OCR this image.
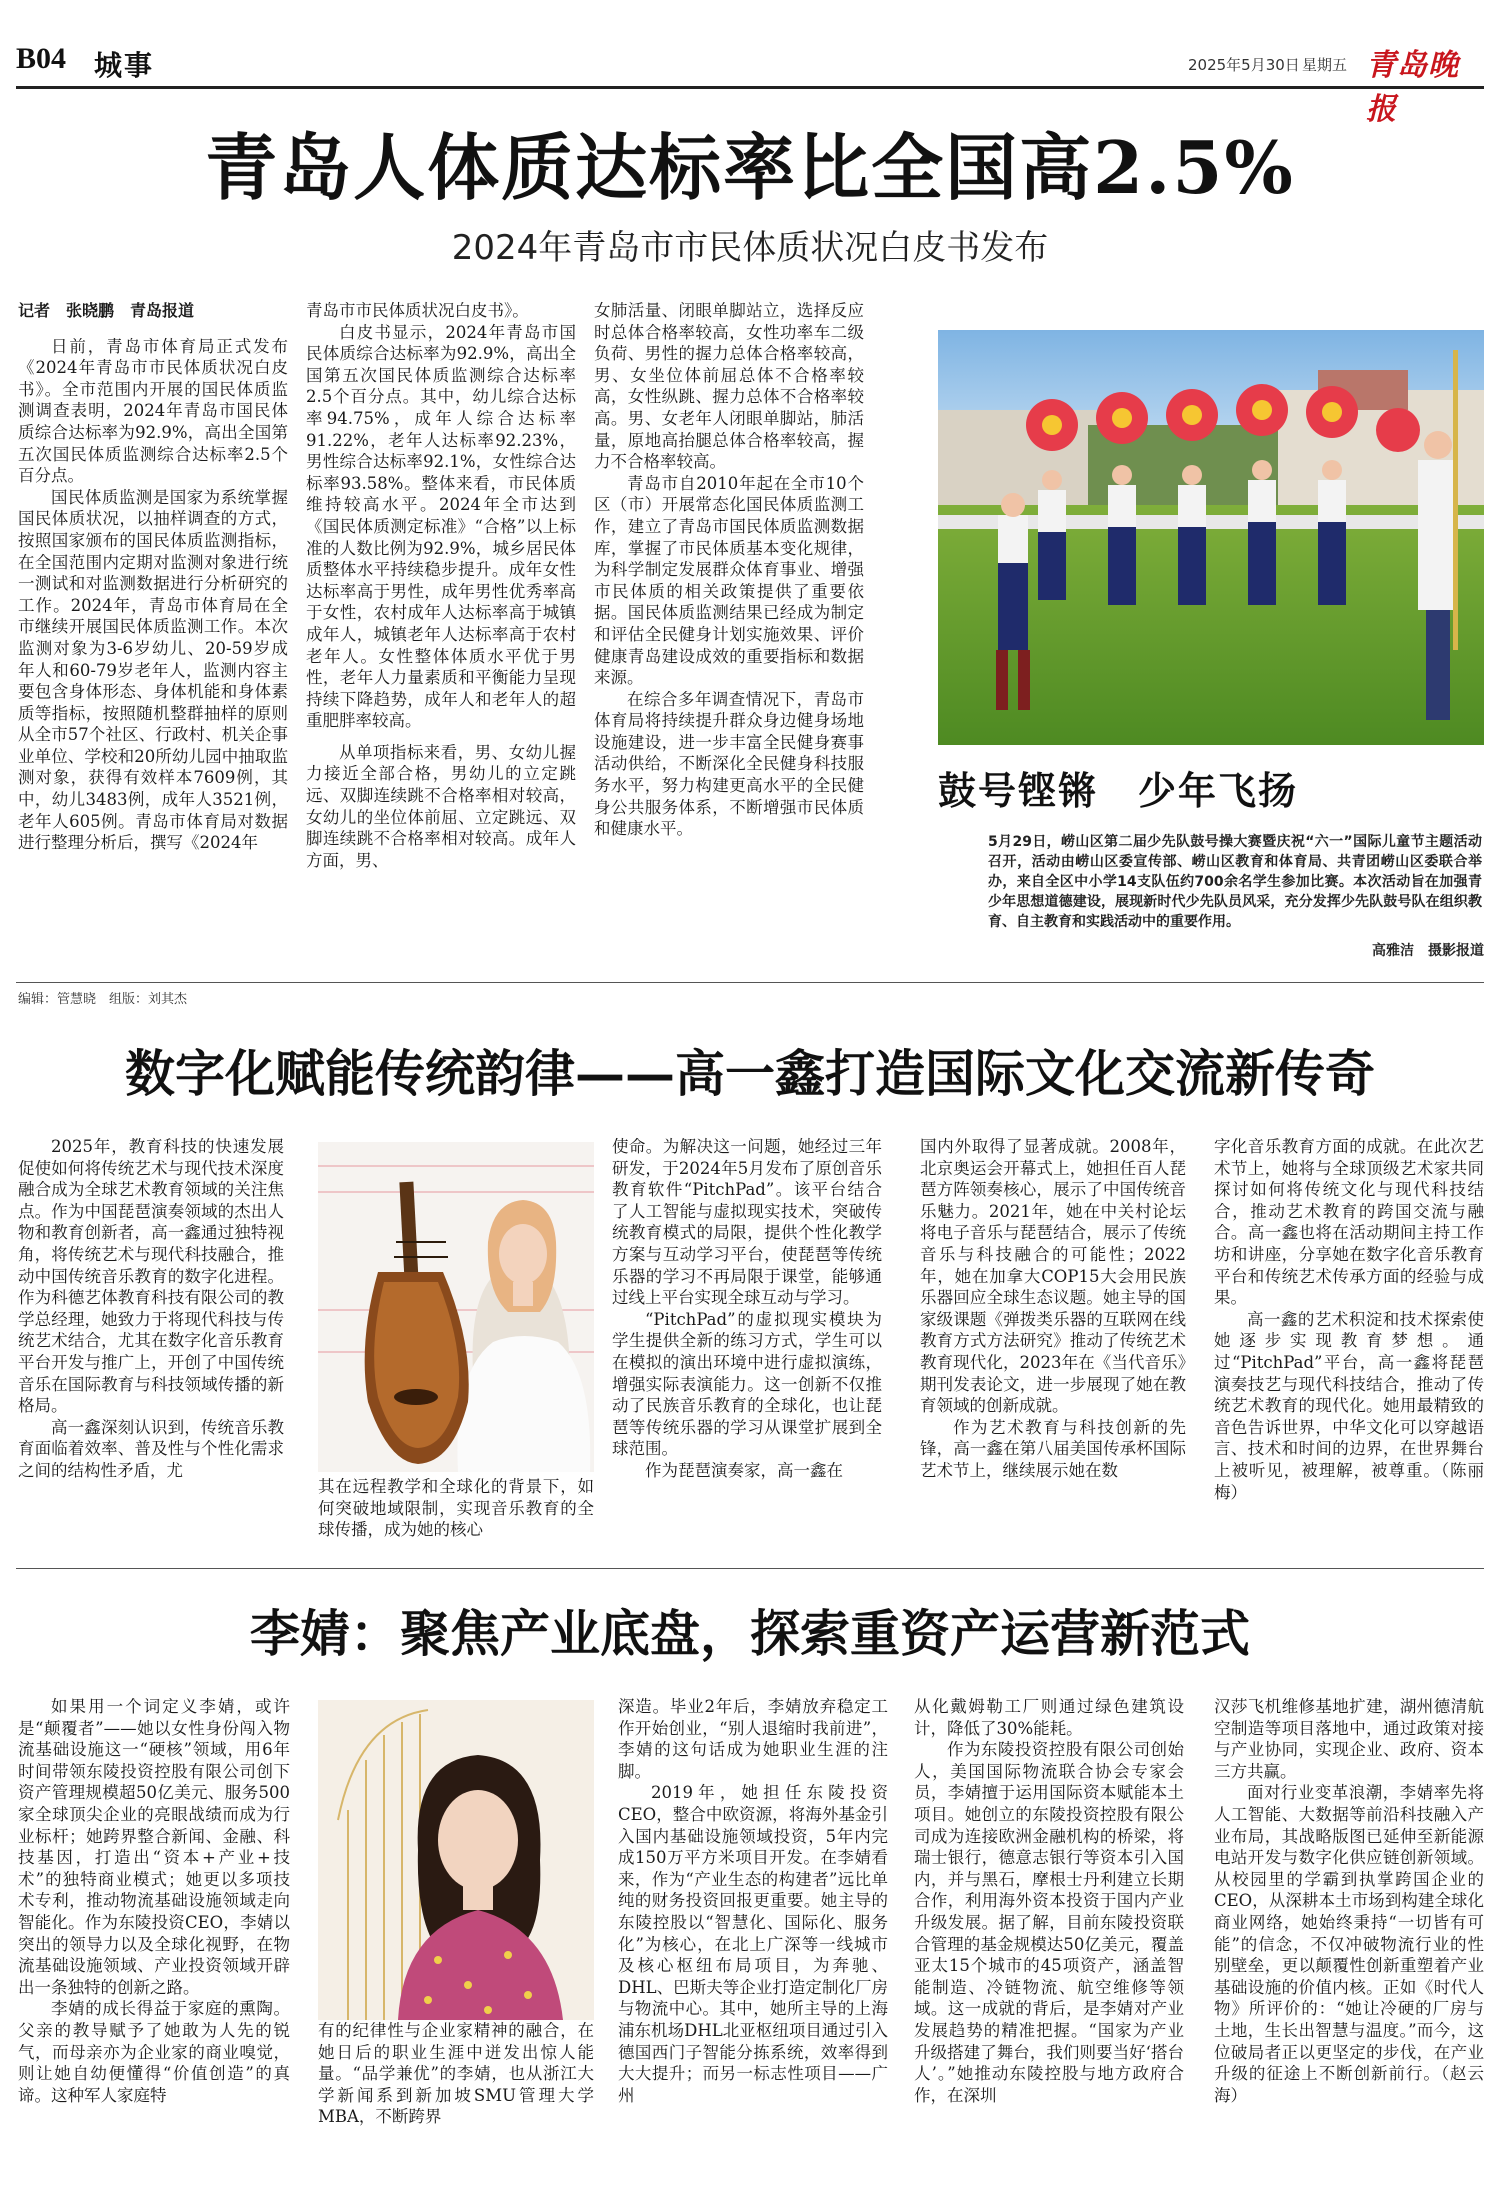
B04 城事	2025年5月30日 星期五 青岛晚报
青岛人体质达标率比全国高2.5%
2024年青岛市市民体质状况白皮书发布

记者　张晓鹏　青岛报道

日前，青岛市体育局正式发布《2024年青岛市市民体质状况白皮书》。全市范围内开展的国民体质监测调查表明，2024年青岛市国民体质综合达标率为92.9%，高出全国第五次国民体质监测综合达标率2.5个百分点。

国民体质监测是国家为系统掌握国民体质状况，以抽样调查的方式，按照国家颁布的国民体质监测指标，在全国范围内定期对监测对象进行统一测试和对监测数据进行分析研究的工作。2024年，青岛市体育局在全市继续开展国民体质监测工作。本次监测对象为3-6岁幼儿、20-59岁成年人和60-79岁老年人，监测内容主要包含身体形态、身体机能和身体素质等指标，按照随机整群抽样的原则从全市57个社区、行政村、机关企事业单位、学校和20所幼儿园中抽取监测对象，获得有效样本7609例，其中，幼儿3483例，成年人3521例，老年人605例。青岛市体育局对数据进行整理分析后，撰写《2024年

青岛市市民体质状况白皮书》。

白皮书显示，2024年青岛市国民体质综合达标率为92.9%，高出全国第五次国民体质监测综合达标率2.5个百分点。其中，幼儿综合达标率94.75%，成年人综合达标率91.22%，老年人达标率92.23%，男性综合达标率92.1%，女性综合达标率93.58%。整体来看，市民体质维持较高水平。2024年全市达到《国民体质测定标准》“合格”以上标准的人数比例为92.9%，城乡居民体质整体水平持续稳步提升。成年女性达标率高于男性，成年男性优秀率高于女性，农村成年人达标率高于城镇成年人，城镇老年人达标率高于农村老年人。女性整体体质水平优于男性，老年人力量素质和平衡能力呈现持续下降趋势，成年人和老年人的超重肥胖率较高。

从单项指标来看，男、女幼儿握力接近全部合格，男幼儿的立定跳远、双脚连续跳不合格率相对较高，女幼儿的坐位体前屈、立定跳远、双脚连续跳不合格率相对较高。成年人方面，男、

女肺活量、闭眼单脚站立，选择反应时总体合格率较高，女性功率车二级负荷、男性的握力总体合格率较高，男、女坐位体前屈总体不合格率较高，女性纵跳、握力总体不合格率较高。男、女老年人闭眼单脚站，肺活量，原地高抬腿总体合格率较高，握力不合格率较高。

青岛市自2010年起在全市10个区（市）开展常态化国民体质监测工作，建立了青岛市国民体质监测数据库，掌握了市民体质基本变化规律，为科学制定发展群众体育事业、增强市民体质的相关政策提供了重要依据。国民体质监测结果已经成为制定和评估全民健身计划实施效果、评价健康青岛建设成效的重要指标和数据来源。

在综合多年调查情况下，青岛市体育局将持续提升群众身边健身场地设施建设，进一步丰富全民健身赛事活动供给，不断深化全民健身科技服务水平，努力构建更高水平的全民健身公共服务体系，不断增强市民体质和健康水平。

鼓号铿锵　少年飞扬
5月29日，崂山区第二届少先队鼓号操大赛暨庆祝“六一”国际儿童节主题活动召开，活动由崂山区委宣传部、崂山区教育和体育局、共青团崂山区委联合举办，来自全区中小学14支队伍约700余名学生参加比赛。本次活动旨在加强青少年思想道德建设，展现新时代少先队员风采，充分发挥少先队鼓号队在组织教育、自主教育和实践活动中的重要作用。
高雅洁　摄影报道
编辑：管慧晓　组版：刘其杰
数字化赋能传统韵律——高一鑫打造国际文化交流新传奇

2025年，教育科技的快速发展促使如何将传统艺术与现代技术深度融合成为全球艺术教育领域的关注焦点。作为中国琵琶演奏领域的杰出人物和教育创新者，高一鑫通过独特视角，将传统艺术与现代科技融合，推动中国传统音乐教育的数字化进程。作为科德艺体教育科技有限公司的教学总经理，她致力于将现代科技与传统艺术结合，尤其在数字化音乐教育平台开发与推广上，开创了中国传统音乐在国际教育与科技领域传播的新格局。

高一鑫深刻认识到，传统音乐教育面临着效率、普及性与个性化需求之间的结构性矛盾，尤

其在远程教学和全球化的背景下，如何突破地域限制，实现音乐教育的全球传播，成为她的核心

使命。为解决这一问题，她经过三年研发，于2024年5月发布了原创音乐教育软件“PitchPad”。该平台结合了人工智能与虚拟现实技术，突破传统教育模式的局限，提供个性化教学方案与互动学习平台，使琵琶等传统乐器的学习不再局限于课堂，能够通过线上平台实现全球互动与学习。

“PitchPad”的虚拟现实模块为学生提供全新的练习方式，学生可以在模拟的演出环境中进行虚拟演练，增强实际表演能力。这一创新不仅推动了民族音乐教育的全球化，也让琵琶等传统乐器的学习从课堂扩展到全球范围。

作为琵琶演奏家，高一鑫在

国内外取得了显著成就。2008年，北京奥运会开幕式上，她担任百人琵琶方阵领奏核心，展示了中国传统音乐魅力。2021年，她在中关村论坛将电子音乐与琵琶结合，展示了传统音乐与科技融合的可能性；2022年，她在加拿大COP15大会用民族乐器回应全球生态议题。她主导的国家级课题《弹拨类乐器的互联网在线教育方式方法研究》推动了传统艺术教育现代化，2023年在《当代音乐》期刊发表论文，进一步展现了她在教育领域的创新成就。

作为艺术教育与科技创新的先锋，高一鑫在第八届美国传承杯国际艺术节上，继续展示她在数

字化音乐教育方面的成就。在此次艺术节上，她将与全球顶级艺术家共同探讨如何将传统文化与现代科技结合，推动艺术教育的跨国交流与融合。高一鑫也将在活动期间主持工作坊和讲座，分享她在数字化音乐教育平台和传统艺术传承方面的经验与成果。

高一鑫的艺术积淀和技术探索使她逐步实现教育梦想。通过“PitchPad”平台，高一鑫将琵琶演奏技艺与现代科技结合，推动了传统艺术教育的现代化。她用最精致的音色告诉世界，中华文化可以穿越语言、技术和时间的边界，在世界舞台上被听见，被理解，被尊重。（陈丽梅）

李婧：聚焦产业底盘，探索重资产运营新范式

如果用一个词定义李婧，或许是“颠覆者”——她以女性身份闯入物流基础设施这一“硬核”领域，用6年时间带领东陵投资控股有限公司创下资产管理规模超50亿美元、服务500家全球顶尖企业的亮眼战绩而成为行业标杆；她跨界整合新闻、金融、科技基因，打造出“资本+产业+技术”的独特商业模式；她更以多项技术专利，推动物流基础设施领域走向智能化。作为东陵投资CEO，李婧以突出的领导力以及全球化视野，在物流基础设施领域、产业投资领域开辟出一条独特的创新之路。

李婧的成长得益于家庭的熏陶。父亲的教导赋予了她敢为人先的锐气，而母亲亦为企业家的商业嗅觉，则让她自幼便懂得“价值创造”的真谛。这种军人家庭特

有的纪律性与企业家精神的融合，在她日后的职业生涯中迸发出惊人能量。“品学兼优”的李婧，也从浙江大学新闻系到新加坡SMU管理大学MBA，不断跨界

深造。毕业2年后，李婧放弃稳定工作开始创业，“别人退缩时我前进”，李婧的这句话成为她职业生涯的注脚。

2019年，她担任东陵投资CEO，整合中欧资源，将海外基金引入国内基础设施领域投资，5年内完成150万平方米项目开发。在李婧看来，作为“产业生态的构建者”远比单纯的财务投资回报更重要。她主导的东陵控股以“智慧化、国际化、服务化”为核心，在北上广深等一线城市及核心枢纽布局项目，为奔驰、DHL、巴斯夫等企业打造定制化厂房与物流中心。其中，她所主导的上海浦东机场DHL北亚枢纽项目通过引入德国西门子智能分拣系统，效率得到大大提升；而另一标志性项目——广州

从化戴姆勒工厂则通过绿色建筑设计，降低了30%能耗。

作为东陵投资控股有限公司创始人，美国国际物流联合协会专家会员，李婧擅于运用国际资本赋能本土项目。她创立的东陵投资控股有限公司成为连接欧洲金融机构的桥梁，将瑞士银行，德意志银行等资本引入国内，并与黑石，摩根士丹利建立长期合作，利用海外资本投资于国内产业升级发展。据了解，目前东陵投资联合管理的基金规模达50亿美元，覆盖亚太15个城市的45项资产，涵盖智能制造、冷链物流、航空维修等领域。这一成就的背后，是李婧对产业发展趋势的精准把握。“国家为产业升级搭建了舞台，我们则要当好‘搭台人’。”她推动东陵控股与地方政府合作，在深圳

汉莎飞机维修基地扩建，湖州德清航空制造等项目落地中，通过政策对接与产业协同，实现企业、政府、资本三方共赢。

面对行业变革浪潮，李婧率先将人工智能、大数据等前沿科技融入产业布局，其战略版图已延伸至新能源电站开发与数字化供应链创新领域。从校园里的学霸到执掌跨国企业的CEO，从深耕本土市场到构建全球化商业网络，她始终秉持“一切皆有可能”的信念，不仅冲破物流行业的性别壁垒，更以颠覆性创新重塑着产业基础设施的价值内核。正如《时代人物》所评价的：“她让冷硬的厂房与土地，生长出智慧与温度。”而今，这位破局者正以更坚定的步伐，在产业升级的征途上不断创新前行。（赵云海）
